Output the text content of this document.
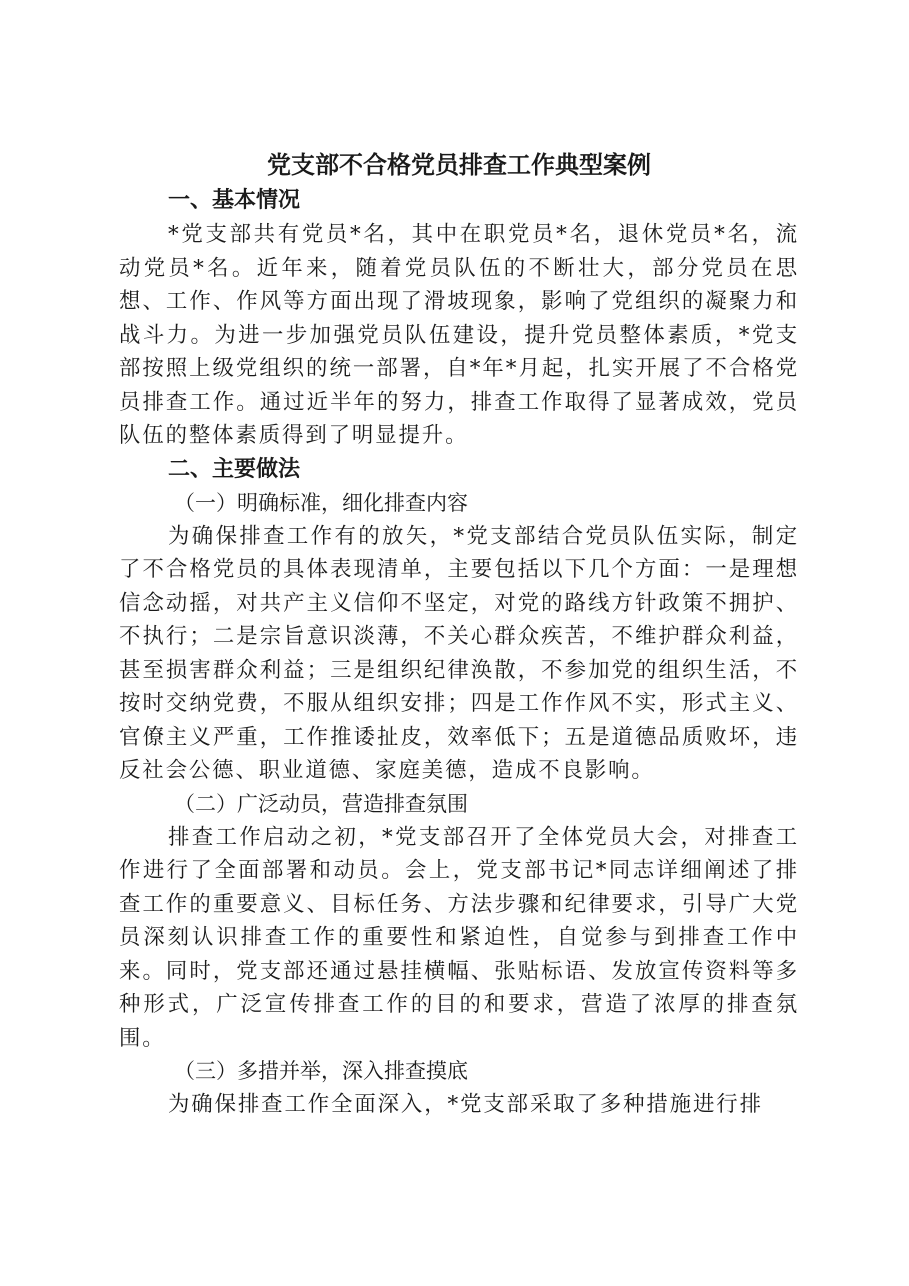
党支部不合格党员排查工作典型案例
一、基本情况

*党支部共有党员*名，其中在职党员*名，退休党员*名，流动党员*名。近年来，随着党员队伍的不断壮大，部分党员在思想、工作、作风等方面出现了滑坡现象，影响了党组织的凝聚力和战斗力。为进一步加强党员队伍建设，提升党员整体素质，*党支部按照上级党组织的统一部署，自*年*月起，扎实开展了不合格党员排查工作。通过近半年的努力，排查工作取得了显著成效，党员队伍的整体素质得到了明显提升。

二、主要做法
（一）明确标准，细化排查内容

为确保排查工作有的放矢，*党支部结合党员队伍实际，制定了不合格党员的具体表现清单，主要包括以下几个方面：一是理想信念动摇，对共产主义信仰不坚定，对党的路线方针政策不拥护、不执行；二是宗旨意识淡薄，不关心群众疾苦，不维护群众利益，甚至损害群众利益；三是组织纪律涣散，不参加党的组织生活，不按时交纳党费，不服从组织安排；四是工作作风不实，形式主义、官僚主义严重，工作推诿扯皮，效率低下；五是道德品质败坏，违反社会公德、职业道德、家庭美德，造成不良影响。

（二）广泛动员，营造排查氛围

排查工作启动之初，*党支部召开了全体党员大会，对排查工作进行了全面部署和动员。会上，党支部书记*同志详细阐述了排查工作的重要意义、目标任务、方法步骤和纪律要求，引导广大党员深刻认识排查工作的重要性和紧迫性，自觉参与到排查工作中来。同时，党支部还通过悬挂横幅、张贴标语、发放宣传资料等多种形式，广泛宣传排查工作的目的和要求，营造了浓厚的排查氛围。

（三）多措并举，深入排查摸底

为确保排查工作全面深入，*党支部采取了多种措施进行排
